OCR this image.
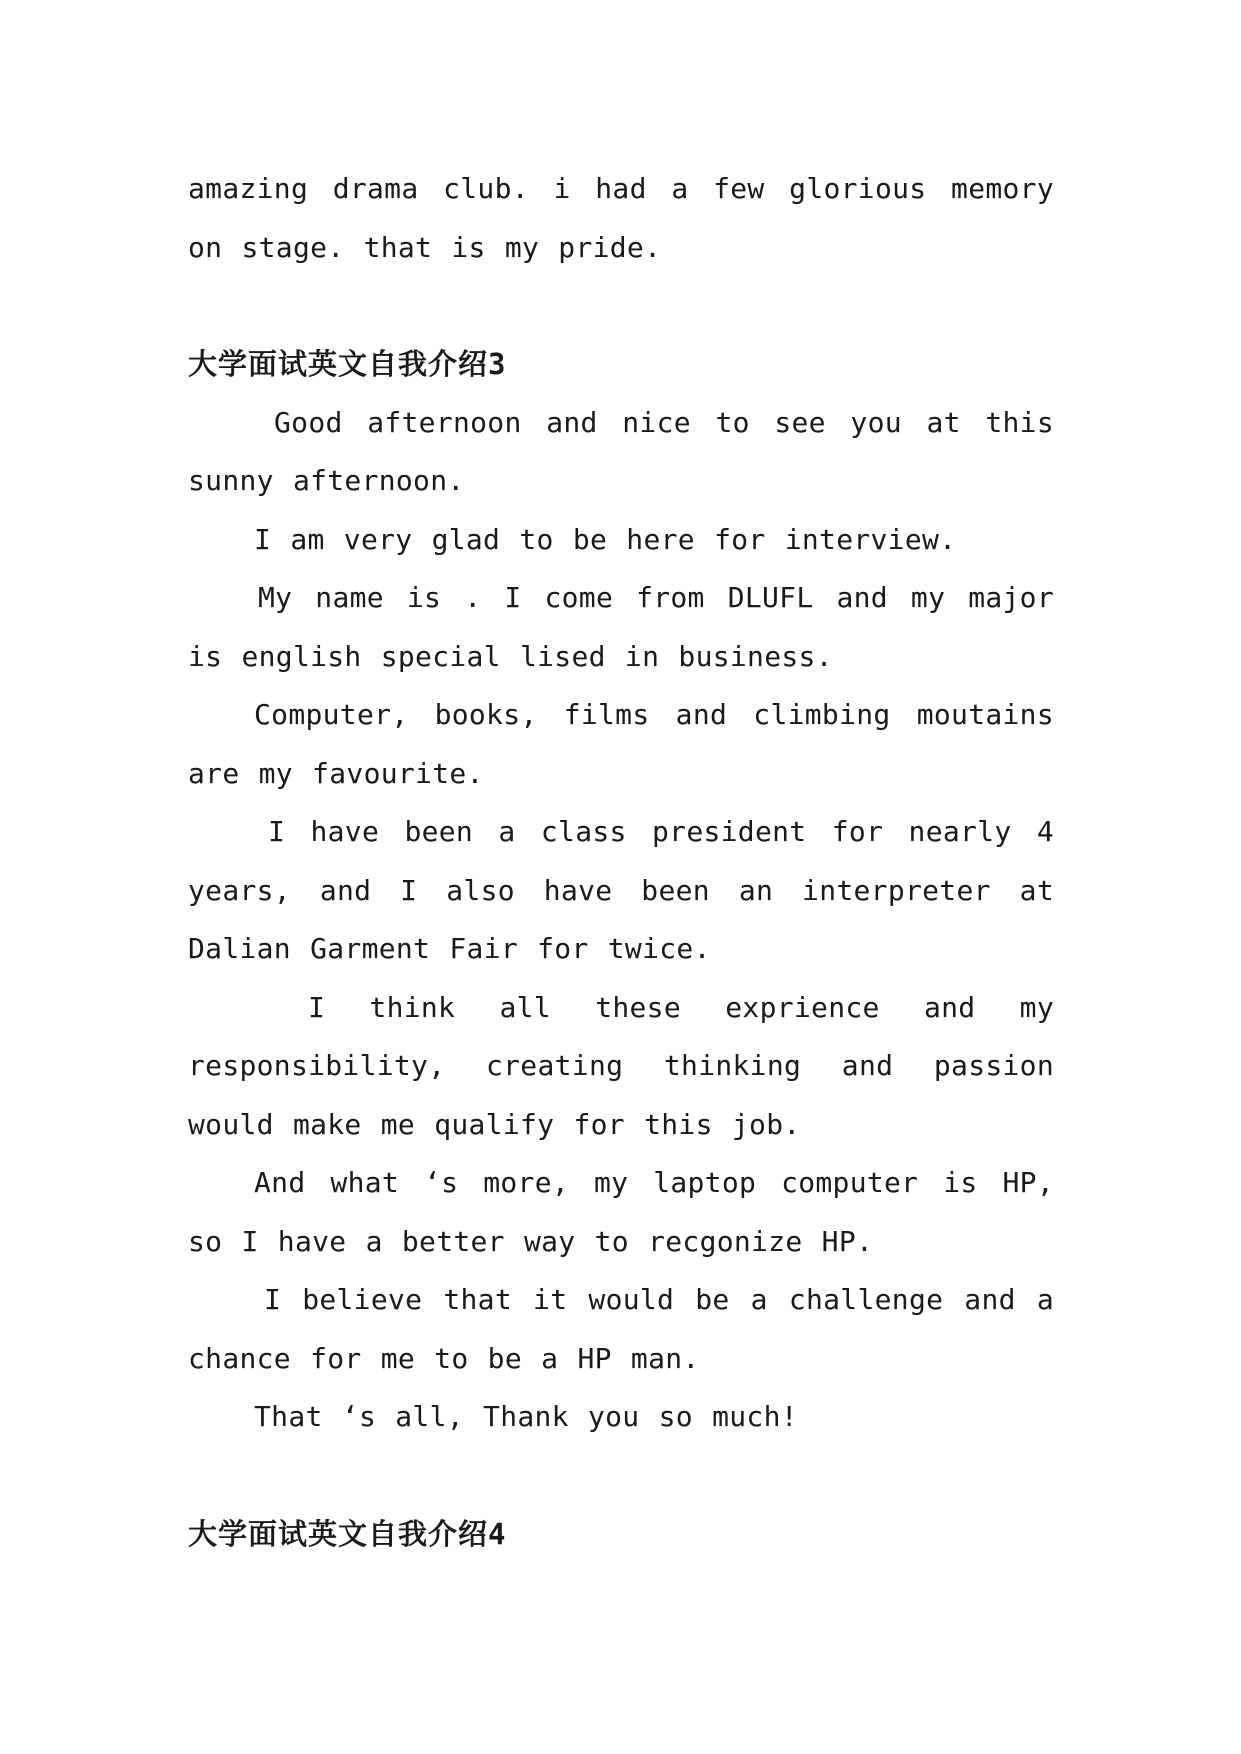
amazing drama club. i had a few glorious memory on stage. that is my pride.

大学面试英文自我介绍3

Good afternoon and nice to see you at this sunny afternoon.

I am very glad to be here for interview.

My name is . I come from DLUFL and my major is english special lised in business.

Computer, books, films and climbing moutains are my favourite.

I have been a class president for nearly 4 years, and I also have been an interpreter at Dalian Garment Fair for twice.

I think all these exprience and my responsibility, creating thinking and passion would make me qualify for this job.

And what ‘s more, my laptop computer is HP, so I have a better way to recgonize HP.

I believe that it would be a challenge and a chance for me to be a HP man.

That ‘s all, Thank you so much!

大学面试英文自我介绍4
